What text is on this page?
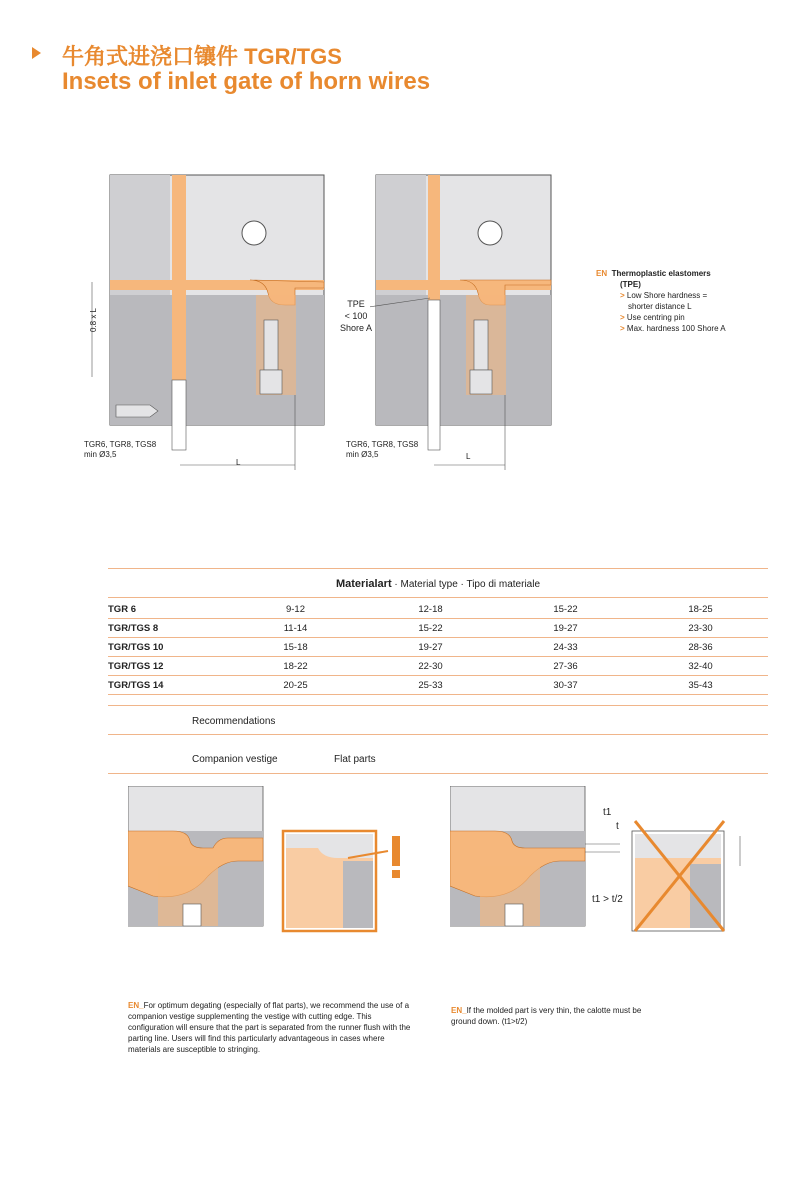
牛角式进浇口镶件 TGR/TGS
Insets of inlet gate of horn wires
0.8 x L
TGR6, TGR8, TGS8
min Ø3,5
L
TPE
< 100
Shore A
TGR6, TGR8, TGS8
min Ø3,5	L
EN Thermoplastic elastomers
(TPE)
> Low Shore hardness =
shorter distance L
> Use centring pin
> Max. hardness 100 Shore A
Materialart · Material type · Tipo di materiale
TGR 6	9-12	12-18	15-22	18-25
TGR/TGS 8	11-14	15-22	19-27	23-30
TGR/TGS 10	15-18	19-27	24-33	28-36
TGR/TGS 12	18-22	22-30	27-36	32-40
TGR/TGS 14	20-25	25-33	30-37	35-43
Recommendations
Companion vestige	Flat parts
t1
t
t1 > t/2
EN_For optimum degating (especially of flat parts), we recommend the use of a companion vestige supplementing the vestige with cutting edge. This configuration will ensure that the part is separated from the runner flush with the parting line. Users will find this particularly advantageous in cases where materials are susceptible to stringing.
EN_If the molded part is very thin, the calotte must be ground down. (t1>t/2)
